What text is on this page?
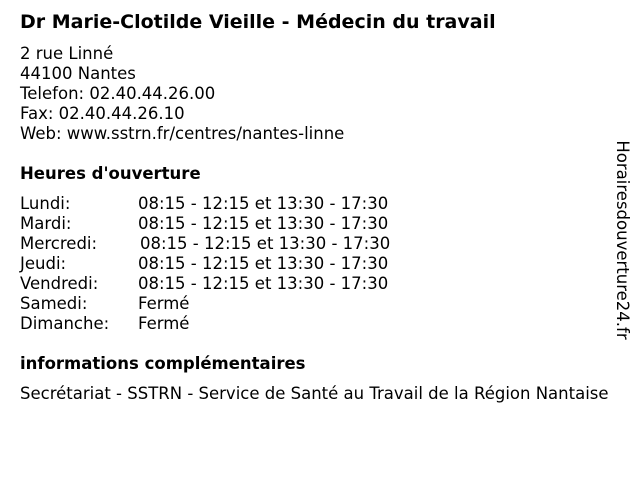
Dr Marie-Clotilde Vieille - Médecin du travail
2 rue Linné
44100 Nantes
Telefon: 02.40.44.26.00
Fax: 02.40.44.26.10
Web: www.sstrn.fr/centres/nantes-linne
Heures d'ouverture
Lundi:	08:15 - 12:15 et 13:30 - 17:30
Mardi:	08:15 - 12:15 et 13:30 - 17:30
Mercredi:	08:15 - 12:15 et 13:30 - 17:30
Jeudi:	08:15 - 12:15 et 13:30 - 17:30
Vendredi: 08:15 - 12:15 et 13:30 - 17:30
Samedi:	Fermé
Dimanche: Fermé
informations complémentaires
Secrétariat - SSTRN - Service de Santé au Travail de la Région Nantaise
Horairesdouverture24.fr
